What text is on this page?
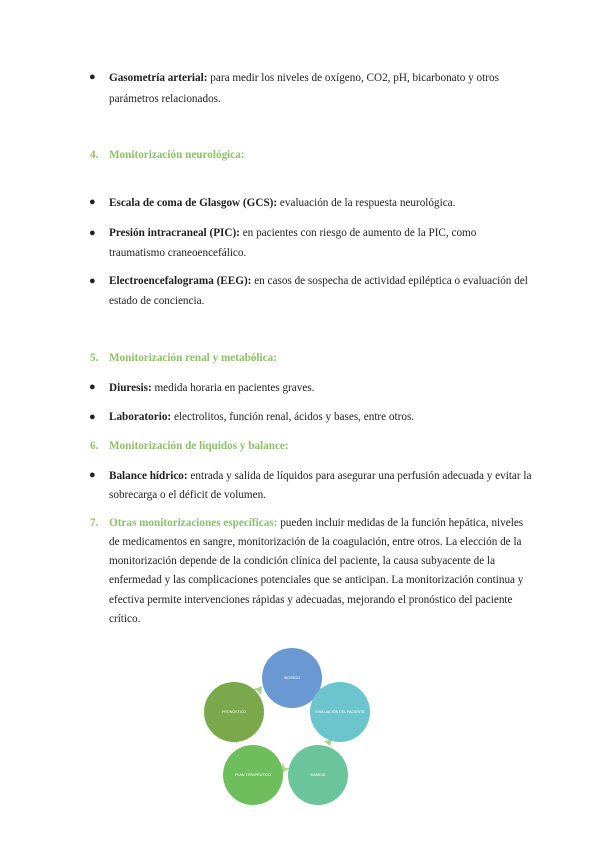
● Gasometría arterial: para medir los niveles de oxígeno, CO2, pH, bicarbonato y otros
parámetros relacionados.
4. Monitorización neurológica:
● Escala de coma de Glasgow (GCS): evaluación de la respuesta neurológica.
● Presión intracraneal (PIC): en pacientes con riesgo de aumento de la PIC, como
traumatismo craneoencefálico.
● Electroencefalograma (EEG): en casos de sospecha de actividad epiléptica o evaluación del
estado de conciencia.
5. Monitorización renal y metabólica:
● Diuresis: medida horaria en pacientes graves.
● Laboratorio: electrolitos, función renal, ácidos y bases, entre otros.
6. Monitorización de líquidos y balance:
● Balance hídrico: entrada y salida de líquidos para asegurar una perfusión adecuada y evitar la
sobrecarga o el déficit de volumen.
7. Otras monitorizaciones específicas: pueden incluir medidas de la función hepática, niveles
de medicamentos en sangre, monitorización de la coagulación, entre otros. La elección de la
monitorización depende de la condición clínica del paciente, la causa subyacente de la
enfermedad y las complicaciones potenciales que se anticipan. La monitorización continua y
efectiva permite intervenciones rápidas y adecuadas, mejorando el pronóstico del paciente
crítico.
INGRESO
EVALUACIÓN DEL PACIENTE
MANEJO
PLAN TERAPÉUTICO
PRONÓSTICO
